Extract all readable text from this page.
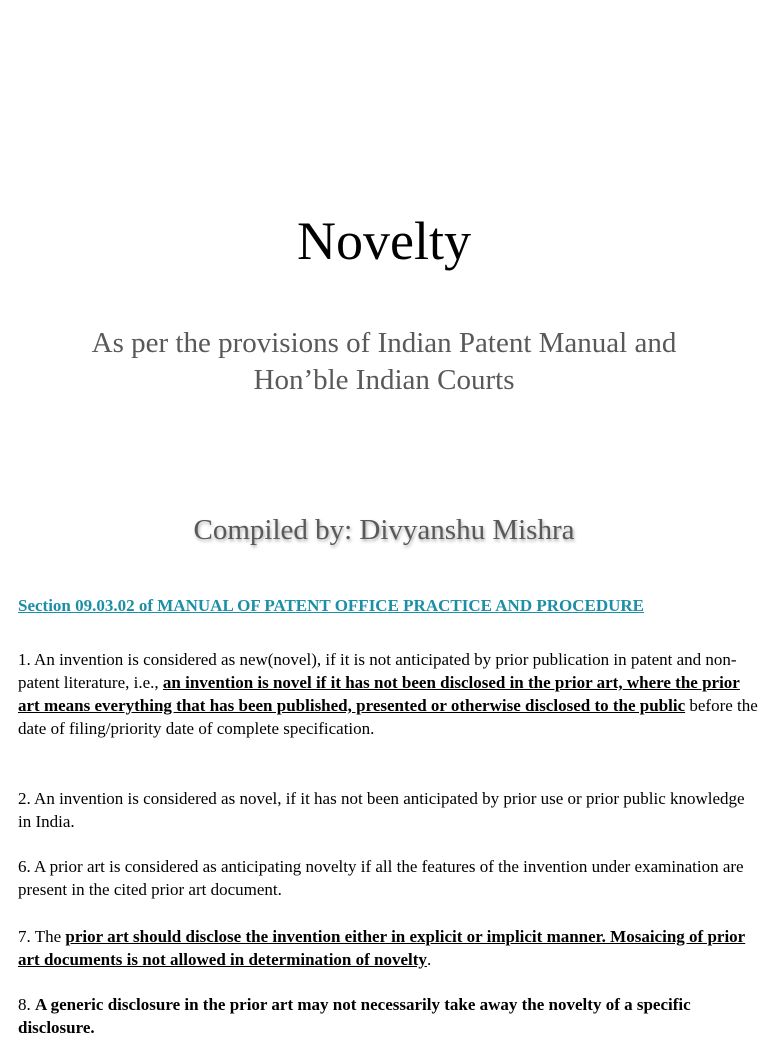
Novelty
As per the provisions of Indian Patent Manual and Hon’ble Indian Courts
Compiled by: Divyanshu Mishra
Section 09.03.02 of MANUAL OF PATENT OFFICE PRACTICE AND PROCEDURE

1. An invention is considered as new(novel), if it is not anticipated by prior publication in patent and non-patent literature, i.e., an invention is novel if it has not been disclosed in the prior art, where the prior art means everything that has been published, presented or otherwise disclosed to the public before the date of filing/priority date of complete specification.

2. An invention is considered as novel, if it has not been anticipated by prior use or prior public knowledge in India.

6. A prior art is considered as anticipating novelty if all the features of the invention under examination are present in the cited prior art document.

7. The prior art should disclose the invention either in explicit or implicit manner. Mosaicing of prior art documents is not allowed in determination of novelty.

8. A generic disclosure in the prior art may not necessarily take away the novelty of a specific disclosure.
